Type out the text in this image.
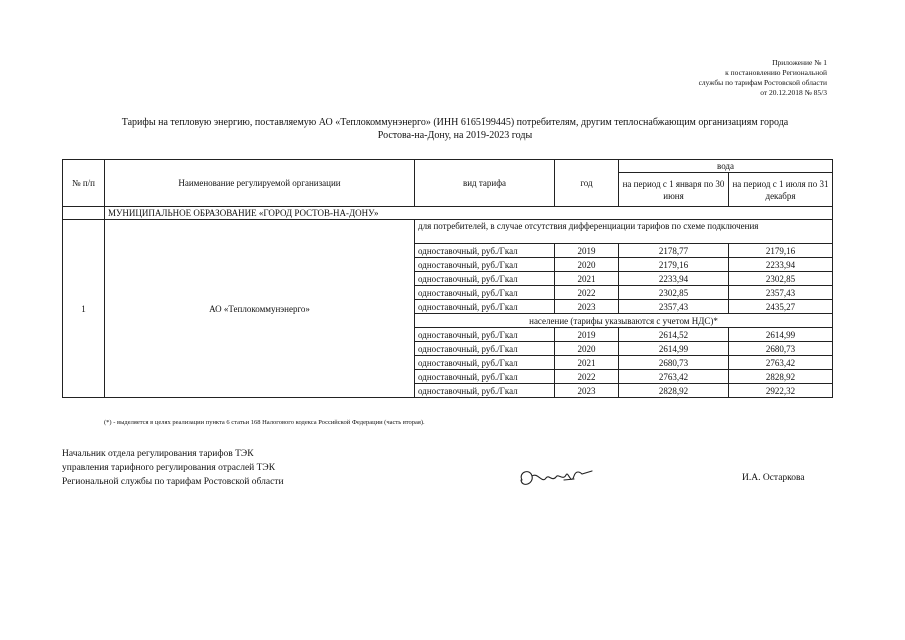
Приложение № 1
к постановлению Региональной
службы по тарифам Ростовской области
от 20.12.2018 № 85/3
Тарифы на тепловую энергию, поставляемую АО «Теплокоммунэнерго» (ИНН 6165199445) потребителям, другим теплоснабжающим организациям города
Ростова-на-Дону, на 2019-2023 годы
№ п/п	Наименование регулируемой организации	вид тарифа	год	вода	
				на период с 1 января по 30 июня	на период с 1 июля по 31 декабря

	МУНИЦИПАЛЬНОЕ ОБРАЗОВАНИЕ «ГОРОД РОСТОВ-НА-ДОНУ»				
1	АО «Теплокоммунэнерго»	для потребителей, в случае отсутствия дифференциации тарифов по схеме подключения			
		одноставочный, руб./Гкал	2019	2178,77	2179,16
		одноставочный, руб./Гкал	2020	2179,16	2233,94
		одноставочный, руб./Гкал	2021	2233,94	2302,85
		одноставочный, руб./Гкал	2022	2302,85	2357,43
		одноставочный, руб./Гкал	2023	2357,43	2435,27
		население (тарифы указываются с учетом НДС)*			
		одноставочный, руб./Гкал	2019	2614,52	2614,99
		одноставочный, руб./Гкал	2020	2614,99	2680,73
		одноставочный, руб./Гкал	2021	2680,73	2763,42
		одноставочный, руб./Гкал	2022	2763,42	2828,92
		одноставочный, руб./Гкал	2023	2828,92	2922,32
(*) - выделяется в целях реализации пункта 6 статьи 168 Налогового кодекса Российской Федерации (часть вторая).
Начальник отдела регулирования тарифов ТЭК
управления тарифного регулирования отраслей ТЭК
Региональной службы по тарифам Ростовской области	И.А. Остаркова
